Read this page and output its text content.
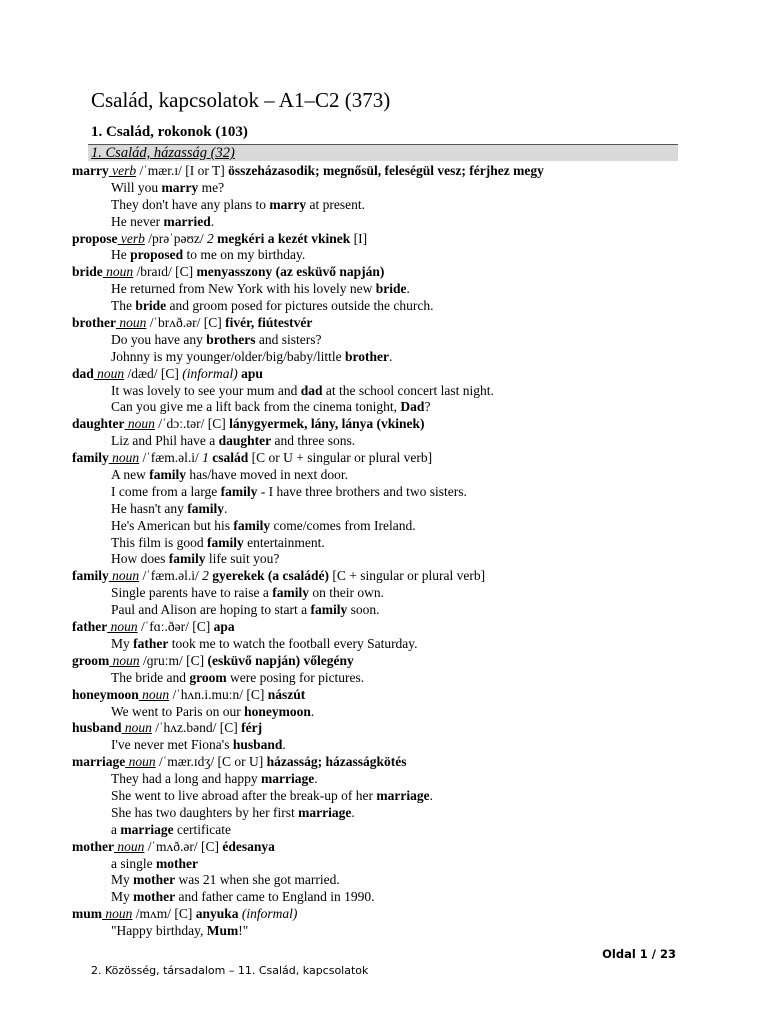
Család, kapcsolatok – A1–C2 (373)
1. Család, rokonok (103)
1. Család, házasság (32)
marry verb /ˈmær.ɪ/ [I or T] összeházasodik; megnősül, feleségül vesz; férjhez megy
Will you marry me?
They don't have any plans to marry at present.
He never married.
propose verb /prəˈpəʊz/ 2 megkéri a kezét vkinek [I]
He proposed to me on my birthday.
bride noun /braɪd/ [C] menyasszony (az esküvő napján)
He returned from New York with his lovely new bride.
The bride and groom posed for pictures outside the church.
brother noun /ˈbrʌð.ər/ [C] fivér, fiútestvér
Do you have any brothers and sisters?
Johnny is my younger/older/big/baby/little brother.
dad noun /dæd/ [C] (informal) apu
It was lovely to see your mum and dad at the school concert last night.
Can you give me a lift back from the cinema tonight, Dad?
daughter noun /ˈdɔː.tər/ [C] lánygyermek, lány, lánya (vkinek)
Liz and Phil have a daughter and three sons.
family noun /ˈfæm.əl.i/ 1 család [C or U + singular or plural verb]
A new family has/have moved in next door.
I come from a large family - I have three brothers and two sisters.
He hasn't any family.
He's American but his family come/comes from Ireland.
This film is good family entertainment.
How does family life suit you?
family noun /ˈfæm.əl.i/ 2 gyerekek (a családé) [C + singular or plural verb]
Single parents have to raise a family on their own.
Paul and Alison are hoping to start a family soon.
father noun /ˈfɑː.ðər/ [C] apa
My father took me to watch the football every Saturday.
groom noun /ɡruːm/ [C] (esküvő napján) vőlegény
The bride and groom were posing for pictures.
honeymoon noun /ˈhʌn.i.muːn/ [C] nászút
We went to Paris on our honeymoon.
husband noun /ˈhʌz.bənd/ [C] férj
I've never met Fiona's husband.
marriage noun /ˈmær.ɪdʒ/ [C or U] házasság; házasságkötés
They had a long and happy marriage.
She went to live abroad after the break-up of her marriage.
She has two daughters by her first marriage.
a marriage certificate
mother noun /ˈmʌð.ər/ [C] édesanya
a single mother
My mother was 21 when she got married.
My mother and father came to England in 1990.
mum noun /mʌm/ [C] anyuka (informal)
"Happy birthday, Mum!"
Oldal 1 / 23
2. Közösség, társadalom – 11. Család, kapcsolatok
